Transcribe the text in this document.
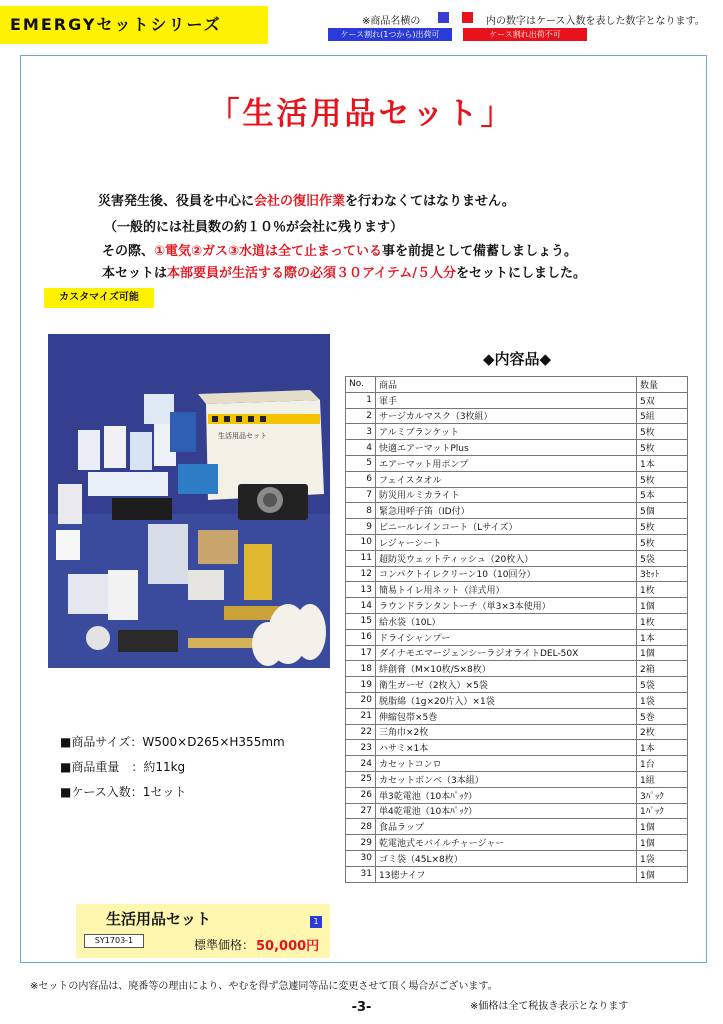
EMERGYセットシリーズ	※商品名横の	内の数字はケース入数を表した数字となります。
ケース割れ(1つから)出荷可	ケース割れ出荷不可
「生活用品セット」
災害発生後、役員を中心に会社の復旧作業を行わなくてはなりません。
（一般的には社員数の約１０％が会社に残ります）
その際、①電気②ガス③水道は全て止まっている事を前提として備蓄しましょう。
本セットは本部要員が生活する際の必須３０アイテム/５人分をセットにしました。
カスタマイズ可能
生活用品セット
■商品サイズ：W500×D265×H355mm
■商品重量　：約11kg
■ケース入数：1セット
生活用品セット	1
SY1703-1	標準価格： 50,000円
◆内容品◆
No.	商品	数量
1	軍手	5双
2	サージカルマスク（3枚組）	5組
3	アルミブランケット	5枚
4	快適エアーマットPlus	5枚
5	エアーマット用ポンプ	1本
6	フェイスタオル	5枚
7	防災用ルミカライト	5本
8	緊急用呼子笛（ID付）	5個
9	ビニールレインコート（Lサイズ）	5枚
10	レジャーシート	5枚
11	超防災ウェットティッシュ（20枚入）	5袋
12	コンパクトイレクリーン10（10回分）	3ｾｯﾄ
13	簡易トイレ用ネット（洋式用）	1枚
14	ラウンドランタントーチ（単3×3本使用）	1個
15	給水袋（10L）	1枚
16	ドライシャンプー	1本
17	ダイナモエマージェンシーラジオライトDEL-50X	1個
18	絆創膏（M×10枚/S×8枚）	2箱
19	衛生ガーゼ（2枚入）×5袋	5袋
20	脱脂綿（1g×20片入）×1袋	1袋
21	伸縮包帯×5巻	5巻
22	三角巾×2枚	2枚
23	ハサミ×1本	1本
24	カセットコンロ	1台
25	カセットボンベ（3本組）	1組
26	単3乾電池（10本ﾊﾟｯｸ）	3ﾊﾟｯｸ
27	単4乾電池（10本ﾊﾟｯｸ）	1ﾊﾟｯｸ
28	食品ラップ	1個
29	乾電池式モバイルチャージャー	1個
30	ゴミ袋（45L×8枚）	1袋
31	13徳ナイフ	1個
※セットの内容品は、廃番等の理由により、やむを得ず急遽同等品に変更させて頂く場合がございます。
-3-	※価格は全て税抜き表示となります
